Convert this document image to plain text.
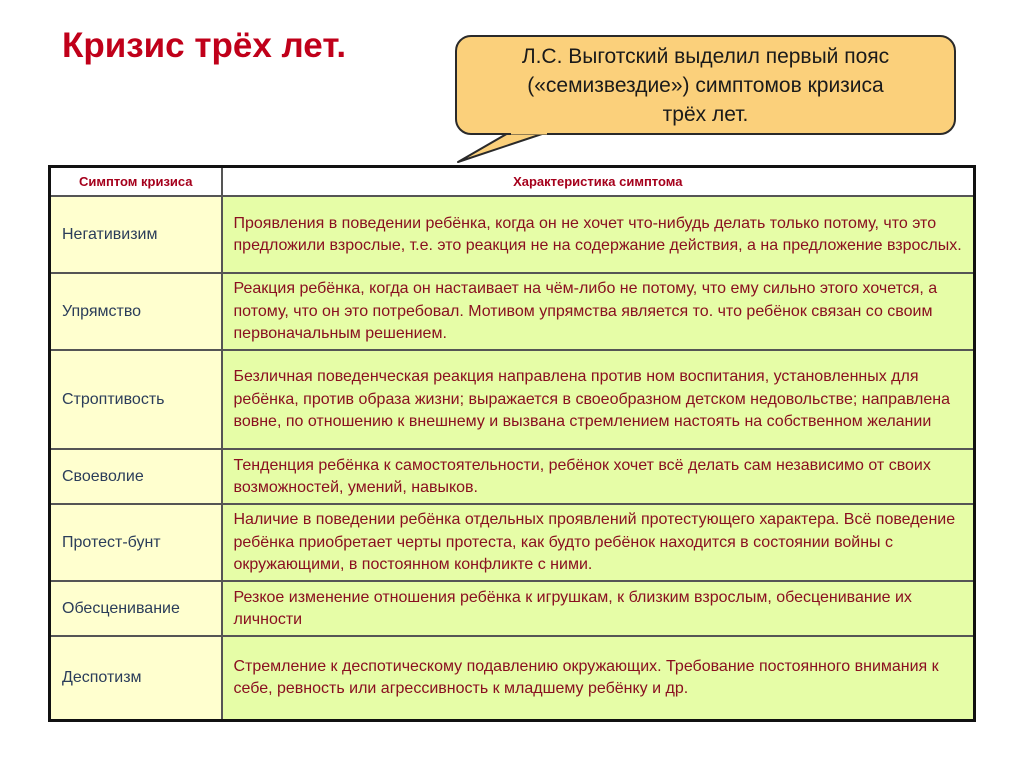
Кризис трёх лет.	Л.С. Выготский выделил первый пояс
(«семизвездие») симптомов кризиса
трёх лет.
Симптом кризиса	Характеристика симптома
Негативизим	Проявления в поведении ребёнка, когда он не хочет что-нибудь делать только потому, что это предложили взрослые, т.е. это реакция не на содержание действия, а на предложение взрослых.
Упрямство	Реакция ребёнка, когда он настаивает на чём-либо не потому, что ему сильно этого хочется, а потому, что он это потребовал. Мотивом упрямства является то. что ребёнок связан со своим первоначальным решением.
Строптивость	Безличная поведенческая реакция направлена против ном воспитания, установленных для ребёнка, против образа жизни; выражается в своеобразном детском недовольстве; направлена вовне, по отношению к внешнему и вызвана стремлением настоять на собственном желании
Своеволие	Тенденция ребёнка к самостоятельности, ребёнок хочет всё делать сам независимо от своих возможностей, умений, навыков.
Протест-бунт	Наличие в поведении ребёнка отдельных проявлений протестующего характера. Всё поведение ребёнка приобретает черты протеста, как будто ребёнок находится в состоянии войны с окружающими, в постоянном конфликте с ними.
Обесценивание	Резкое изменение отношения ребёнка к игрушкам, к близким взрослым, обесценивание их личности
Деспотизм	Стремление к деспотическому подавлению окружающих. Требование постоянного внимания к себе, ревность или агрессивность к младшему ребёнку и др.
